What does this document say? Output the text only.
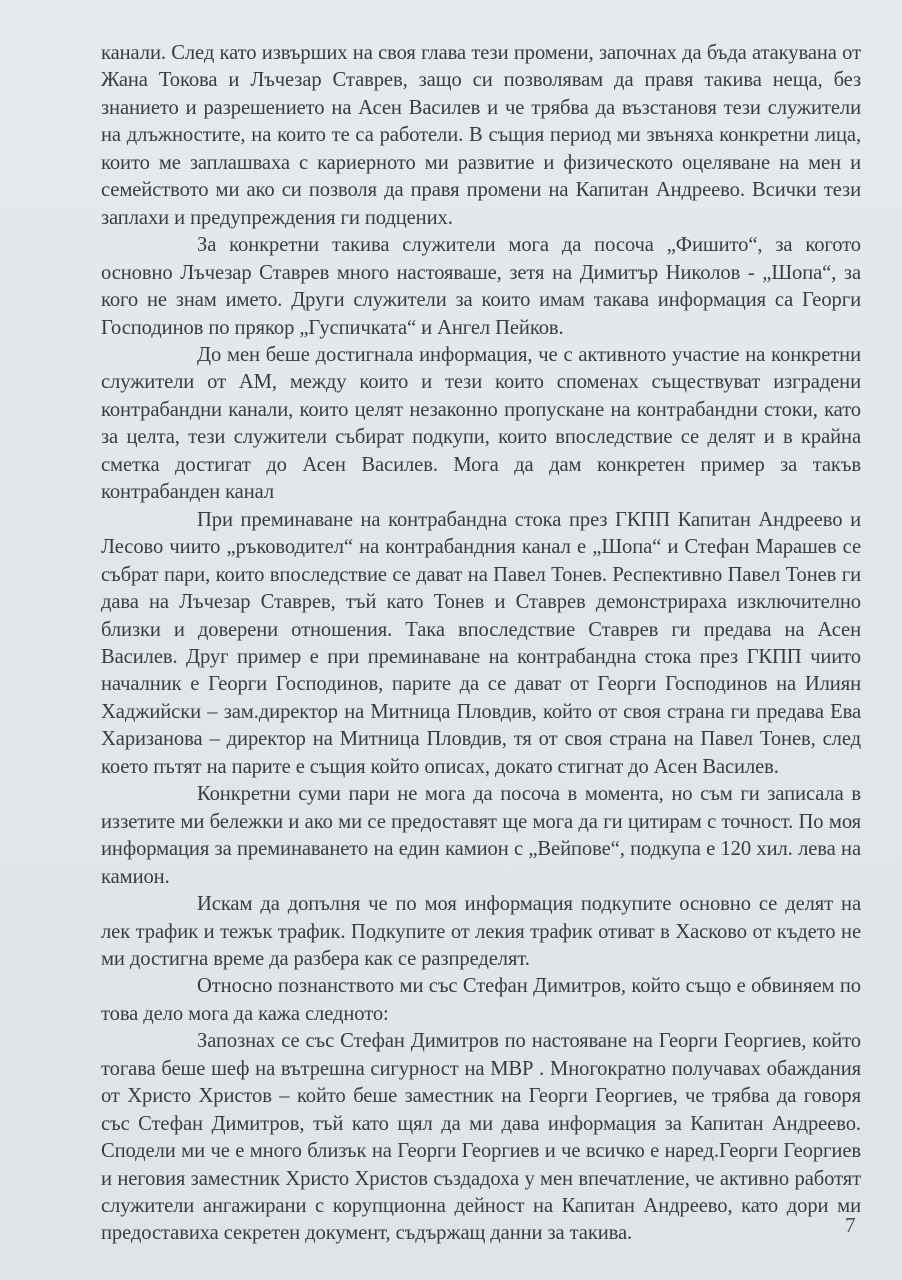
канали. След като извърших на своя глава тези промени, започнах да бъда атакувана от Жана Токова и Лъчезар Ставрев, защо си позволявам да правя такива неща, без знанието и разрешението на Асен Василев и че трябва да възстановя тези служители на длъжностите, на които те са работели. В същия период ми звъняха конкретни лица, които ме заплашваха с кариерното ми развитие и физическото оцеляване на мен и семейството ми ако си позволя да правя промени на Капитан Андреево. Всички тези заплахи и предупреждения ги подцених.

За конкретни такива служители мога да посоча „Фишито“, за когото основно Лъчезар Ставрев много настояваше, зетя на Димитър Николов - „Шопа“, за кого не знам името. Други служители за които имам такава информация са Георги Господинов по прякор „Гуспичката“ и Ангел Пейков.

До мен беше достигнала информация, че с активното участие на конкретни служители от АМ, между които и тези които споменах съществуват изградени контрабандни канали, които целят незаконно пропускане на контрабандни стоки, като за целта, тези служители събират подкупи, които впоследствие се делят и в крайна сметка достигат до Асен Василев. Мога да дам конкретен пример за такъв контрабанден канал

При преминаване на контрабандна стока през ГКПП Капитан Андреево и Лесово чиито „ръководител“ на контрабандния канал е „Шопа“ и Стефан Марашев се събрат пари, които впоследствие се дават на Павел Тонев. Респективно Павел Тонев ги дава на Лъчезар Ставрев, тъй като Тонев и Ставрев демонстрираха изключително близки и доверени отношения. Така впоследствие Ставрев ги предава на Асен Василев. Друг пример е при преминаване на контрабандна стока през ГКПП чиито началник е Георги Господинов, парите да се дават от Георги Господинов на Илиян Хаджийски – зам.директор на Митница Пловдив, който от своя страна ги предава Ева Харизанова – директор на Митница Пловдив, тя от своя страна на Павел Тонев, след което пътят на парите е същия който описах, докато стигнат до Асен Василев.

Конкретни суми пари не мога да посоча в момента, но съм ги записала в иззетите ми бележки и ако ми се предоставят ще мога да ги цитирам с точност. По моя информация за преминаването на един камион с „Вейпове“, подкупа е 120 хил. лева на камион.

Искам да допълня че по моя информация подкупите основно се делят на лек трафик и тежък трафик. Подкупите от лекия трафик отиват в Хасково от където не ми достигна време да разбера как се разпределят.

Относно познанството ми със Стефан Димитров, който също е обвиняем по това дело мога да кажа следното:

Запознах се със Стефан Димитров по настояване на Георги Георгиев, който тогава беше шеф на вътрешна сигурност на МВР . Многократно получавах обаждания от Христо Христов – който беше заместник на Георги Георгиев, че трябва да говоря със Стефан Димитров, тъй като щял да ми дава информация за Капитан Андреево. Сподели ми че е много близък на Георги Георгиев и че всичко е наред.Георги Георгиев и неговия заместник Христо Христов създадоха у мен впечатление, че активно работят служители ангажирани с корупционна дейност на Капитан Андреево, като дори ми предоставиха секретен документ, съдържащ данни за такива.	7
